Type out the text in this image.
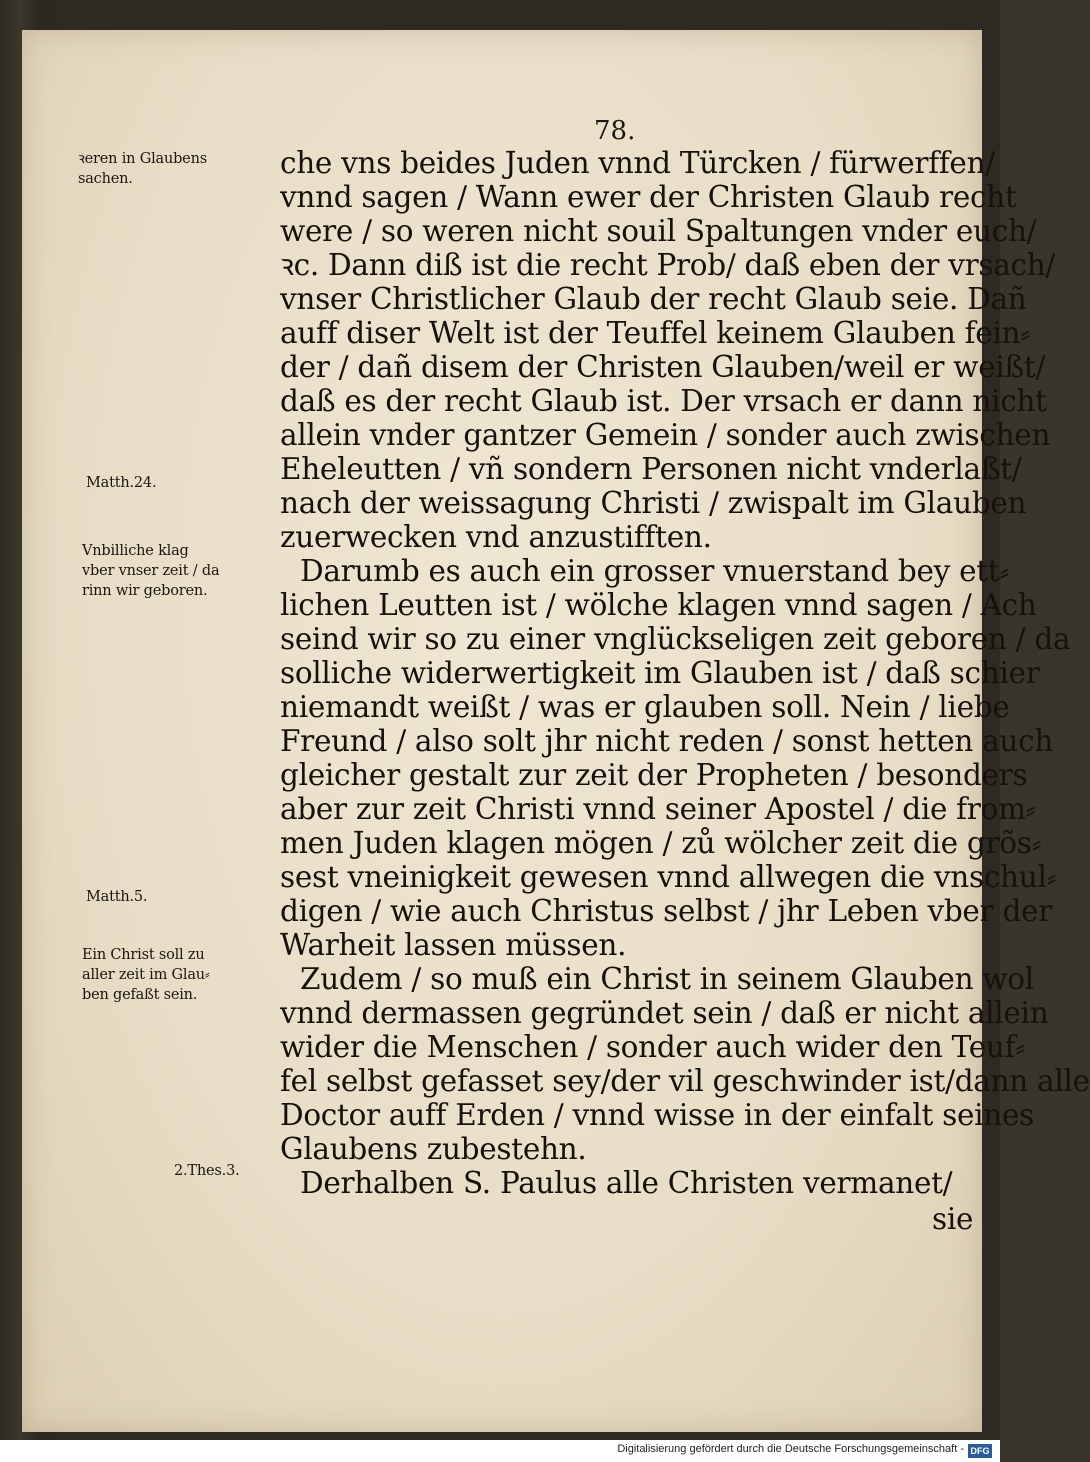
78.

che vns beides Juden vnnd Türcken / fürwerffen/

vnnd sagen / Wann ewer der Christen Glaub recht

were / so weren nicht souil Spaltungen vnder euch/

ꝛc. Dann diß ist die recht Prob/ daß eben der vrsach/

vnser Christlicher Glaub der recht Glaub seie. Dañ

auff diser Welt ist der Teuffel keinem Glauben fein⸗

der / dañ disem der Christen Glauben/weil er weißt/

daß es der recht Glaub ist. Der vrsach er dann nicht

allein vnder gantzer Gemein / sonder auch zwischen

Eheleutten / vñ sondern Personen nicht vnderlaßt/

nach der weissagung Christi / zwispalt im Glauben

zuerwecken vnd anzustifften.

Darumb es auch ein grosser vnuerstand bey ett⸗

lichen Leutten ist / wölche klagen vnnd sagen / Ach

seind wir so zu einer vnglückseligen zeit geboren / da

solliche widerwertigkeit im Glauben ist / daß schier

niemandt weißt / was er glauben soll. Nein / liebe

Freund / also solt jhr nicht reden / sonst hetten auch

gleicher gestalt zur zeit der Propheten / besonders

aber zur zeit Christi vnnd seiner Apostel / die from⸗

men Juden klagen mögen / zů wölcher zeit die grõs⸗

sest vneinigkeit gewesen vnnd allwegen die vnschul⸗

digen / wie auch Christus selbst / jhr Leben vber der

Warheit lassen müssen.

Zudem / so muß ein Christ in seinem Glauben wol

vnnd dermassen gegründet sein / daß er nicht allein

wider die Menschen / sonder auch wider den Teuf⸗

fel selbst gefasset sey/der vil geschwinder ist/dann alle

Doctor auff Erden / vnnd wisse in der einfalt seines

Glaubens zubestehn.

Derhalben S. Paulus alle Christen vermanet/

sie

ꝛeren in Glaubens

sachen.

Matth.24.

Vnbilliche klag

vber vnser zeit / da

rinn wir geboren.

Matth.5.

Ein Christ soll zu

aller zeit im Glau⸗

ben gefaßt sein.

2.Thes.3.

Digitalisierung gefördert durch die Deutsche Forschungsgemeinschaft - DFG
